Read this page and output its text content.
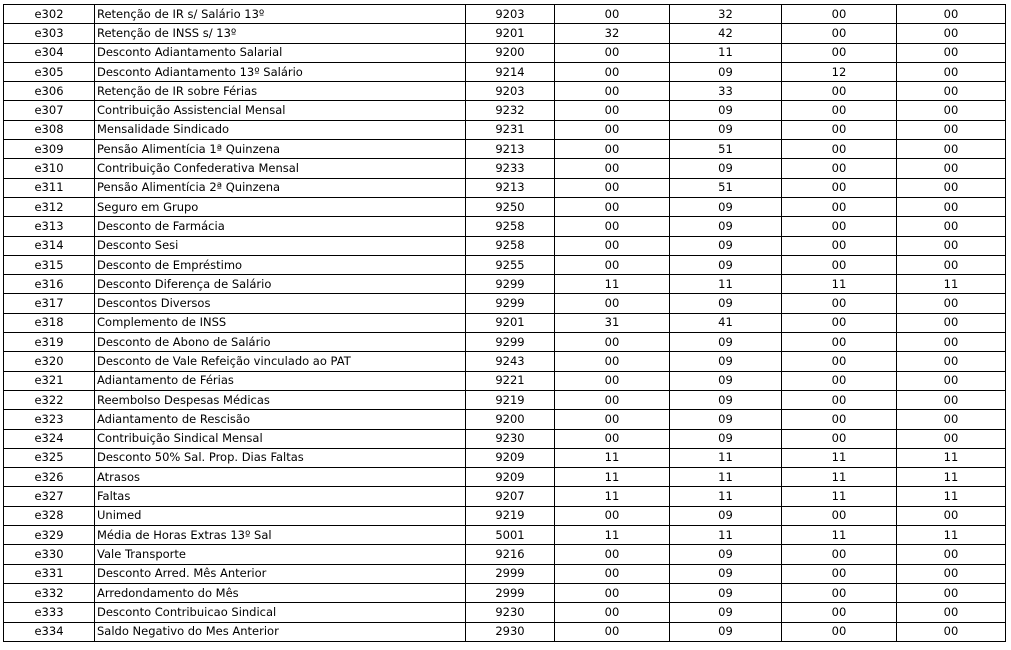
e302	Retenção de IR s/ Salário 13º	9203	00	32	00	00
e303	Retenção de INSS s/ 13º	9201	32	42	00	00
e304	Desconto Adiantamento Salarial	9200	00	11	00	00
e305	Desconto Adiantamento 13º Salário	9214	00	09	12	00
e306	Retenção de IR sobre Férias	9203	00	33	00	00
e307	Contribuição Assistencial Mensal	9232	00	09	00	00
e308	Mensalidade Sindicado	9231	00	09	00	00
e309	Pensão Alimentícia 1ª Quinzena	9213	00	51	00	00
e310	Contribuição Confederativa Mensal	9233	00	09	00	00
e311	Pensão Alimentícia 2ª Quinzena	9213	00	51	00	00
e312	Seguro em Grupo	9250	00	09	00	00
e313	Desconto de Farmácia	9258	00	09	00	00
e314	Desconto Sesi	9258	00	09	00	00
e315	Desconto de Empréstimo	9255	00	09	00	00
e316	Desconto Diferença de Salário	9299	11	11	11	11
e317	Descontos Diversos	9299	00	09	00	00
e318	Complemento de INSS	9201	31	41	00	00
e319	Desconto de Abono de Salário	9299	00	09	00	00
e320	Desconto de Vale Refeição vinculado ao PAT	9243	00	09	00	00
e321	Adiantamento de Férias	9221	00	09	00	00
e322	Reembolso Despesas Médicas	9219	00	09	00	00
e323	Adiantamento de Rescisão	9200	00	09	00	00
e324	Contribuição Sindical Mensal	9230	00	09	00	00
e325	Desconto 50% Sal. Prop. Dias Faltas	9209	11	11	11	11
e326	Atrasos	9209	11	11	11	11
e327	Faltas	9207	11	11	11	11
e328	Unimed	9219	00	09	00	00
e329	Média de Horas Extras 13º Sal	5001	11	11	11	11
e330	Vale Transporte	9216	00	09	00	00
e331	Desconto Arred. Mês Anterior	2999	00	09	00	00
e332	Arredondamento do Mês	2999	00	09	00	00
e333	Desconto Contribuicao Sindical	9230	00	09	00	00
e334	Saldo Negativo do Mes Anterior	2930	00	09	00	00
